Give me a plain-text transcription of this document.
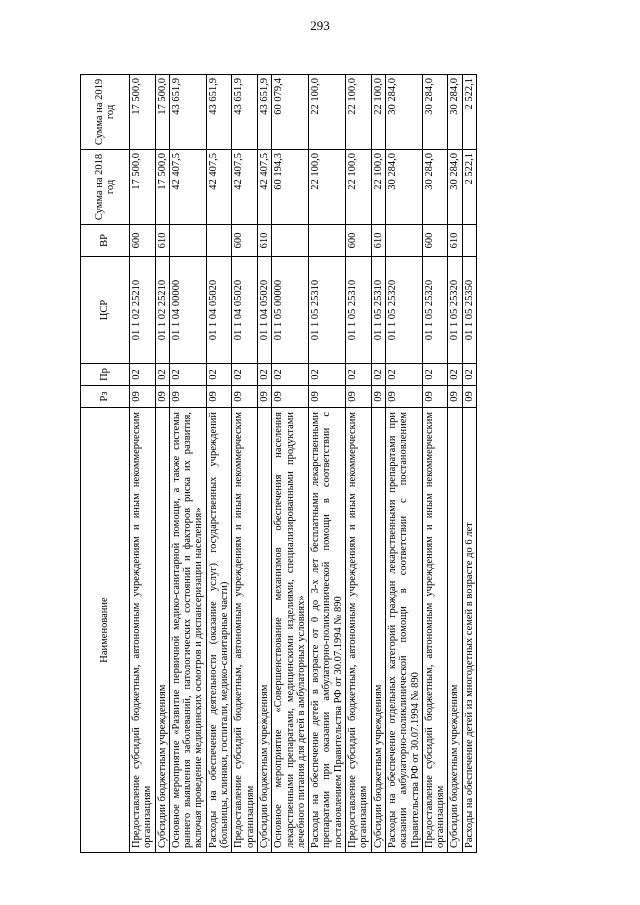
293
Наименование	Рз	Пр	ЦСР	ВР	Сумма на 2018 год	Сумма на 2019 год
Предоставление субсидий бюджетным, автономным учреждениям и иным некоммерческим организациям	09	02	01 1 02 25210	600	17 500,0	17 500,0
Субсидии бюджетным учреждениям	09	02	01 1 02 25210	610	17 500,0	17 500,0
Основное мероприятие «Развитие первичной медико-санитарной помощи, а также системы раннего выявления заболеваний, патологических состояний и факторов риска их развития, включая проведение медицинских осмотров и диспансеризации населения»	09	02	01 1 04 00000		42 407,5	43 651,9
Расходы на обеспечение деятельности (оказание услуг) государственных учреждений (больницы, клиники, госпитали, медико-санитарные части)	09	02	01 1 04 05020		42 407,5	43 651,9
Предоставление субсидий бюджетным, автономным учреждениям и иным некоммерческим организациям	09	02	01 1 04 05020	600	42 407,5	43 651,9
Субсидии бюджетным учреждениям	09	02	01 1 04 05020	610	42 407,5	43 651,9
Основное мероприятие «Совершенствование механизмов обеспечения населения лекарственными препаратами, медицинскими изделиями, специализированными продуктами лечебного питания для детей в амбулаторных условиях»	09	02	01 1 05 00000		60 194,3	60 079,4
Расходы на обеспечение детей в возрасте от 0 до 3-х лет бесплатными лекарственными препаратами при оказании амбулаторно-поликлинической помощи в соответствии с постановлением Правительства РФ от 30.07.1994 № 890	09	02	01 1 05 25310		22 100,0	22 100,0
Предоставление субсидий бюджетным, автономным учреждениям и иным некоммерческим организациям	09	02	01 1 05 25310	600	22 100,0	22 100,0
Субсидии бюджетным учреждениям	09	02	01 1 05 25310	610	22 100,0	22 100,0
Расходы на обеспечение отдельных категорий граждан лекарственными препаратами при оказании амбулаторно-поликлинической помощи в соответствии с постановлением Правительства РФ от 30.07.1994 № 890	09	02	01 1 05 25320		30 284,0	30 284,0
Предоставление субсидий бюджетным, автономным учреждениям и иным некоммерческим организациям	09	02	01 1 05 25320	600	30 284,0	30 284,0
Субсидии бюджетным учреждениям	09	02	01 1 05 25320	610	30 284,0	30 284,0
Расходы на обеспечение детей из многодетных семей в возрасте до 6 лет	09	02	01 1 05 25350		2 522,1	2 522,1
